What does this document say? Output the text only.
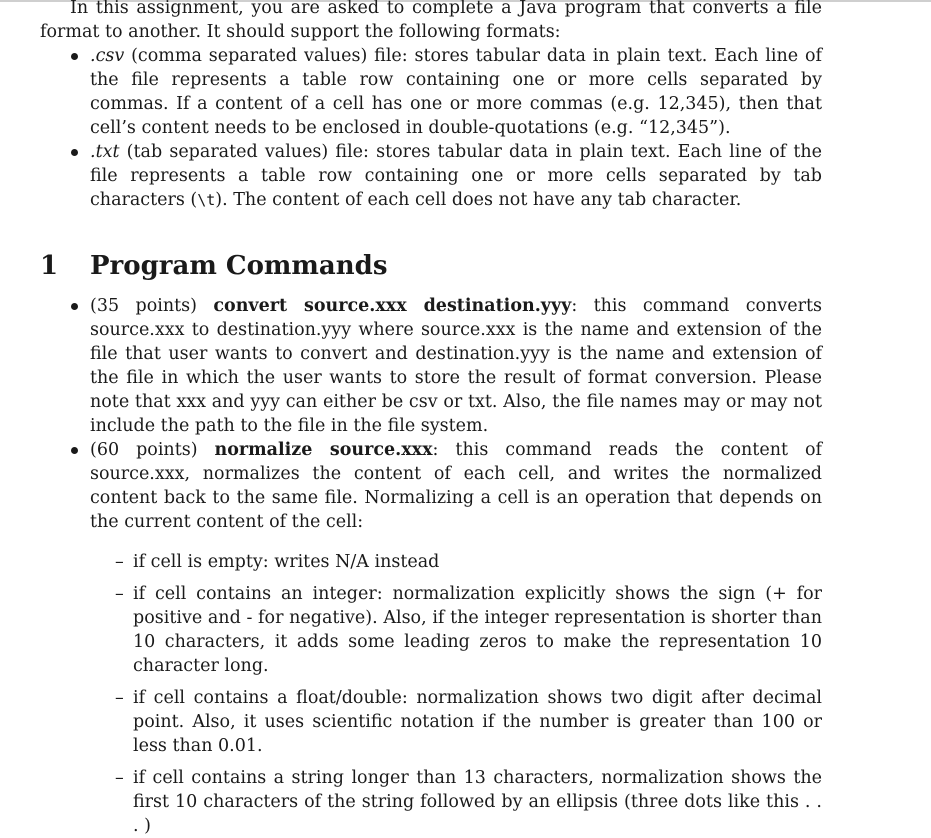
In this assignment, you are asked to complete a Java program that converts a file format to another. It should support the following formats:

.csv (comma separated values) file: stores tabular data in plain text. Each line of the file represents a table row containing one or more cells separated by commas. If a content of a cell has one or more commas (e.g. 12,345), then that cell’s content needs to be enclosed in double-quotations (e.g. “12,345”).
.txt (tab separated values) file: stores tabular data in plain text. Each line of the file represents a table row containing one or more cells separated by tab characters (\t). The content of each cell does not have any tab character.
1 Program Commands
(35 points) convert source.xxx destination.yyy: this command converts source.xxx to destination.yyy where source.xxx is the name and extension of the file that user wants to convert and destination.yyy is the name and extension of the file in which the user wants to store the result of format conversion. Please note that xxx and yyy can either be csv or txt. Also, the file names may or may not include the path to the file in the file system.
(60 points) normalize source.xxx: this command reads the content of source.xxx, normalizes the content of each cell, and writes the normalized content back to the same file. Normalizing a cell is an operation that depends on the current content of the cell:
– if cell is empty: writes N/A instead
– if cell contains an integer: normalization explicitly shows the sign (+ for positive and - for negative). Also, if the integer representation is shorter than 10 characters, it adds some leading zeros to make the representation 10 character long.
– if cell contains a float/double: normalization shows two digit after decimal point. Also, it uses scientific notation if the number is greater than 100 or less than 0.01.
– if cell contains a string longer than 13 characters, normalization shows the first 10 characters of the string followed by an ellipsis (three dots like this . . . )
